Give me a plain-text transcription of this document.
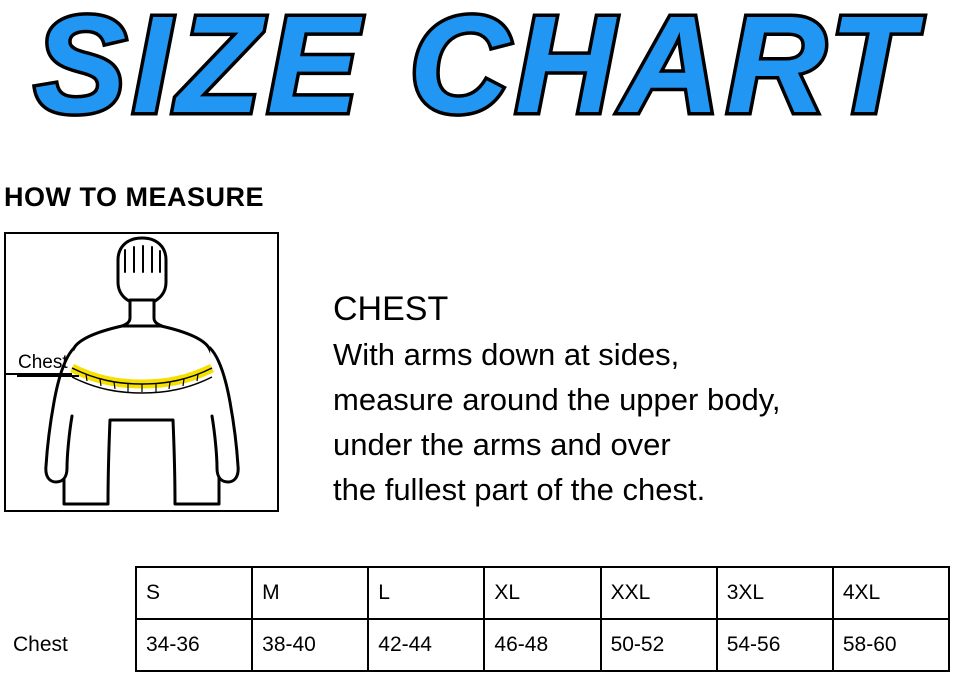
SIZE CHART
HOW TO MEASURE
Chest

CHEST

With arms down at sides,

measure around the upper body,

under the arms and over

the fullest part of the chest.

	S	M	L	XL	XXL	3XL	4XL
Chest	34-36	38-40	42-44	46-48	50-52	54-56	58-60
